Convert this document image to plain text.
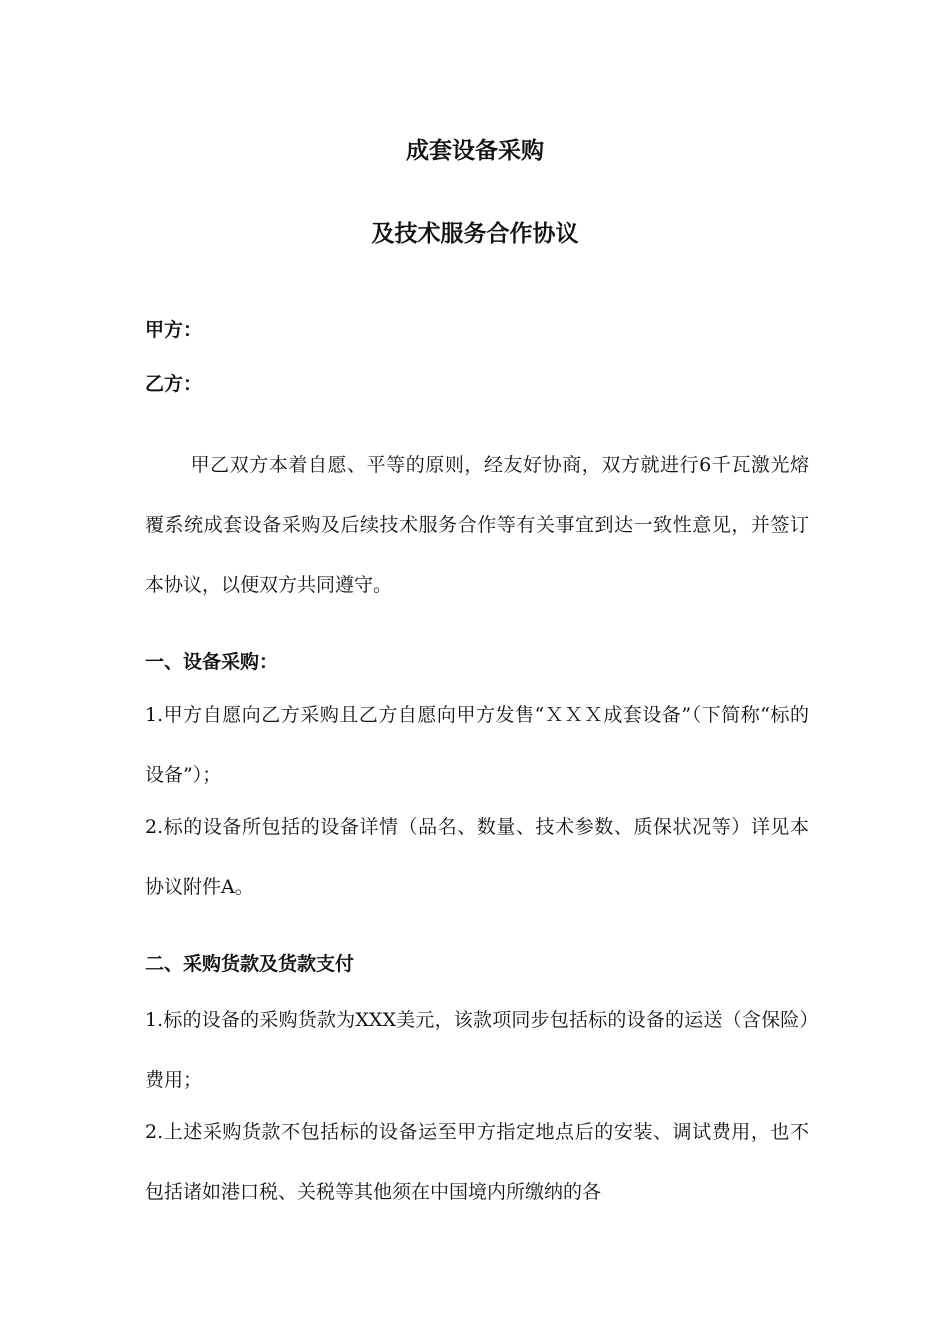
成套设备采购
及技术服务合作协议

甲方：

乙方：

甲乙双方本着自愿、平等的原则，经友好协商，双方就进行6千瓦激光熔覆系统成套设备采购及后续技术服务合作等有关事宜到达一致性意见，并签订本协议，以便双方共同遵守。

一、设备采购：

1.甲方自愿向乙方采购且乙方自愿向甲方发售“ＸＸＸ成套设备”（下简称“标的设备”）；

2.标的设备所包括的设备详情（品名、数量、技术参数、质保状况等）详见本协议附件A。

二、采购货款及货款支付

1.标的设备的采购货款为XXX美元，该款项同步包括标的设备的运送（含保险）费用；

2.上述采购货款不包括标的设备运至甲方指定地点后的安装、调试费用，也不包括诸如港口税、关税等其他须在中国境内所缴纳的各
